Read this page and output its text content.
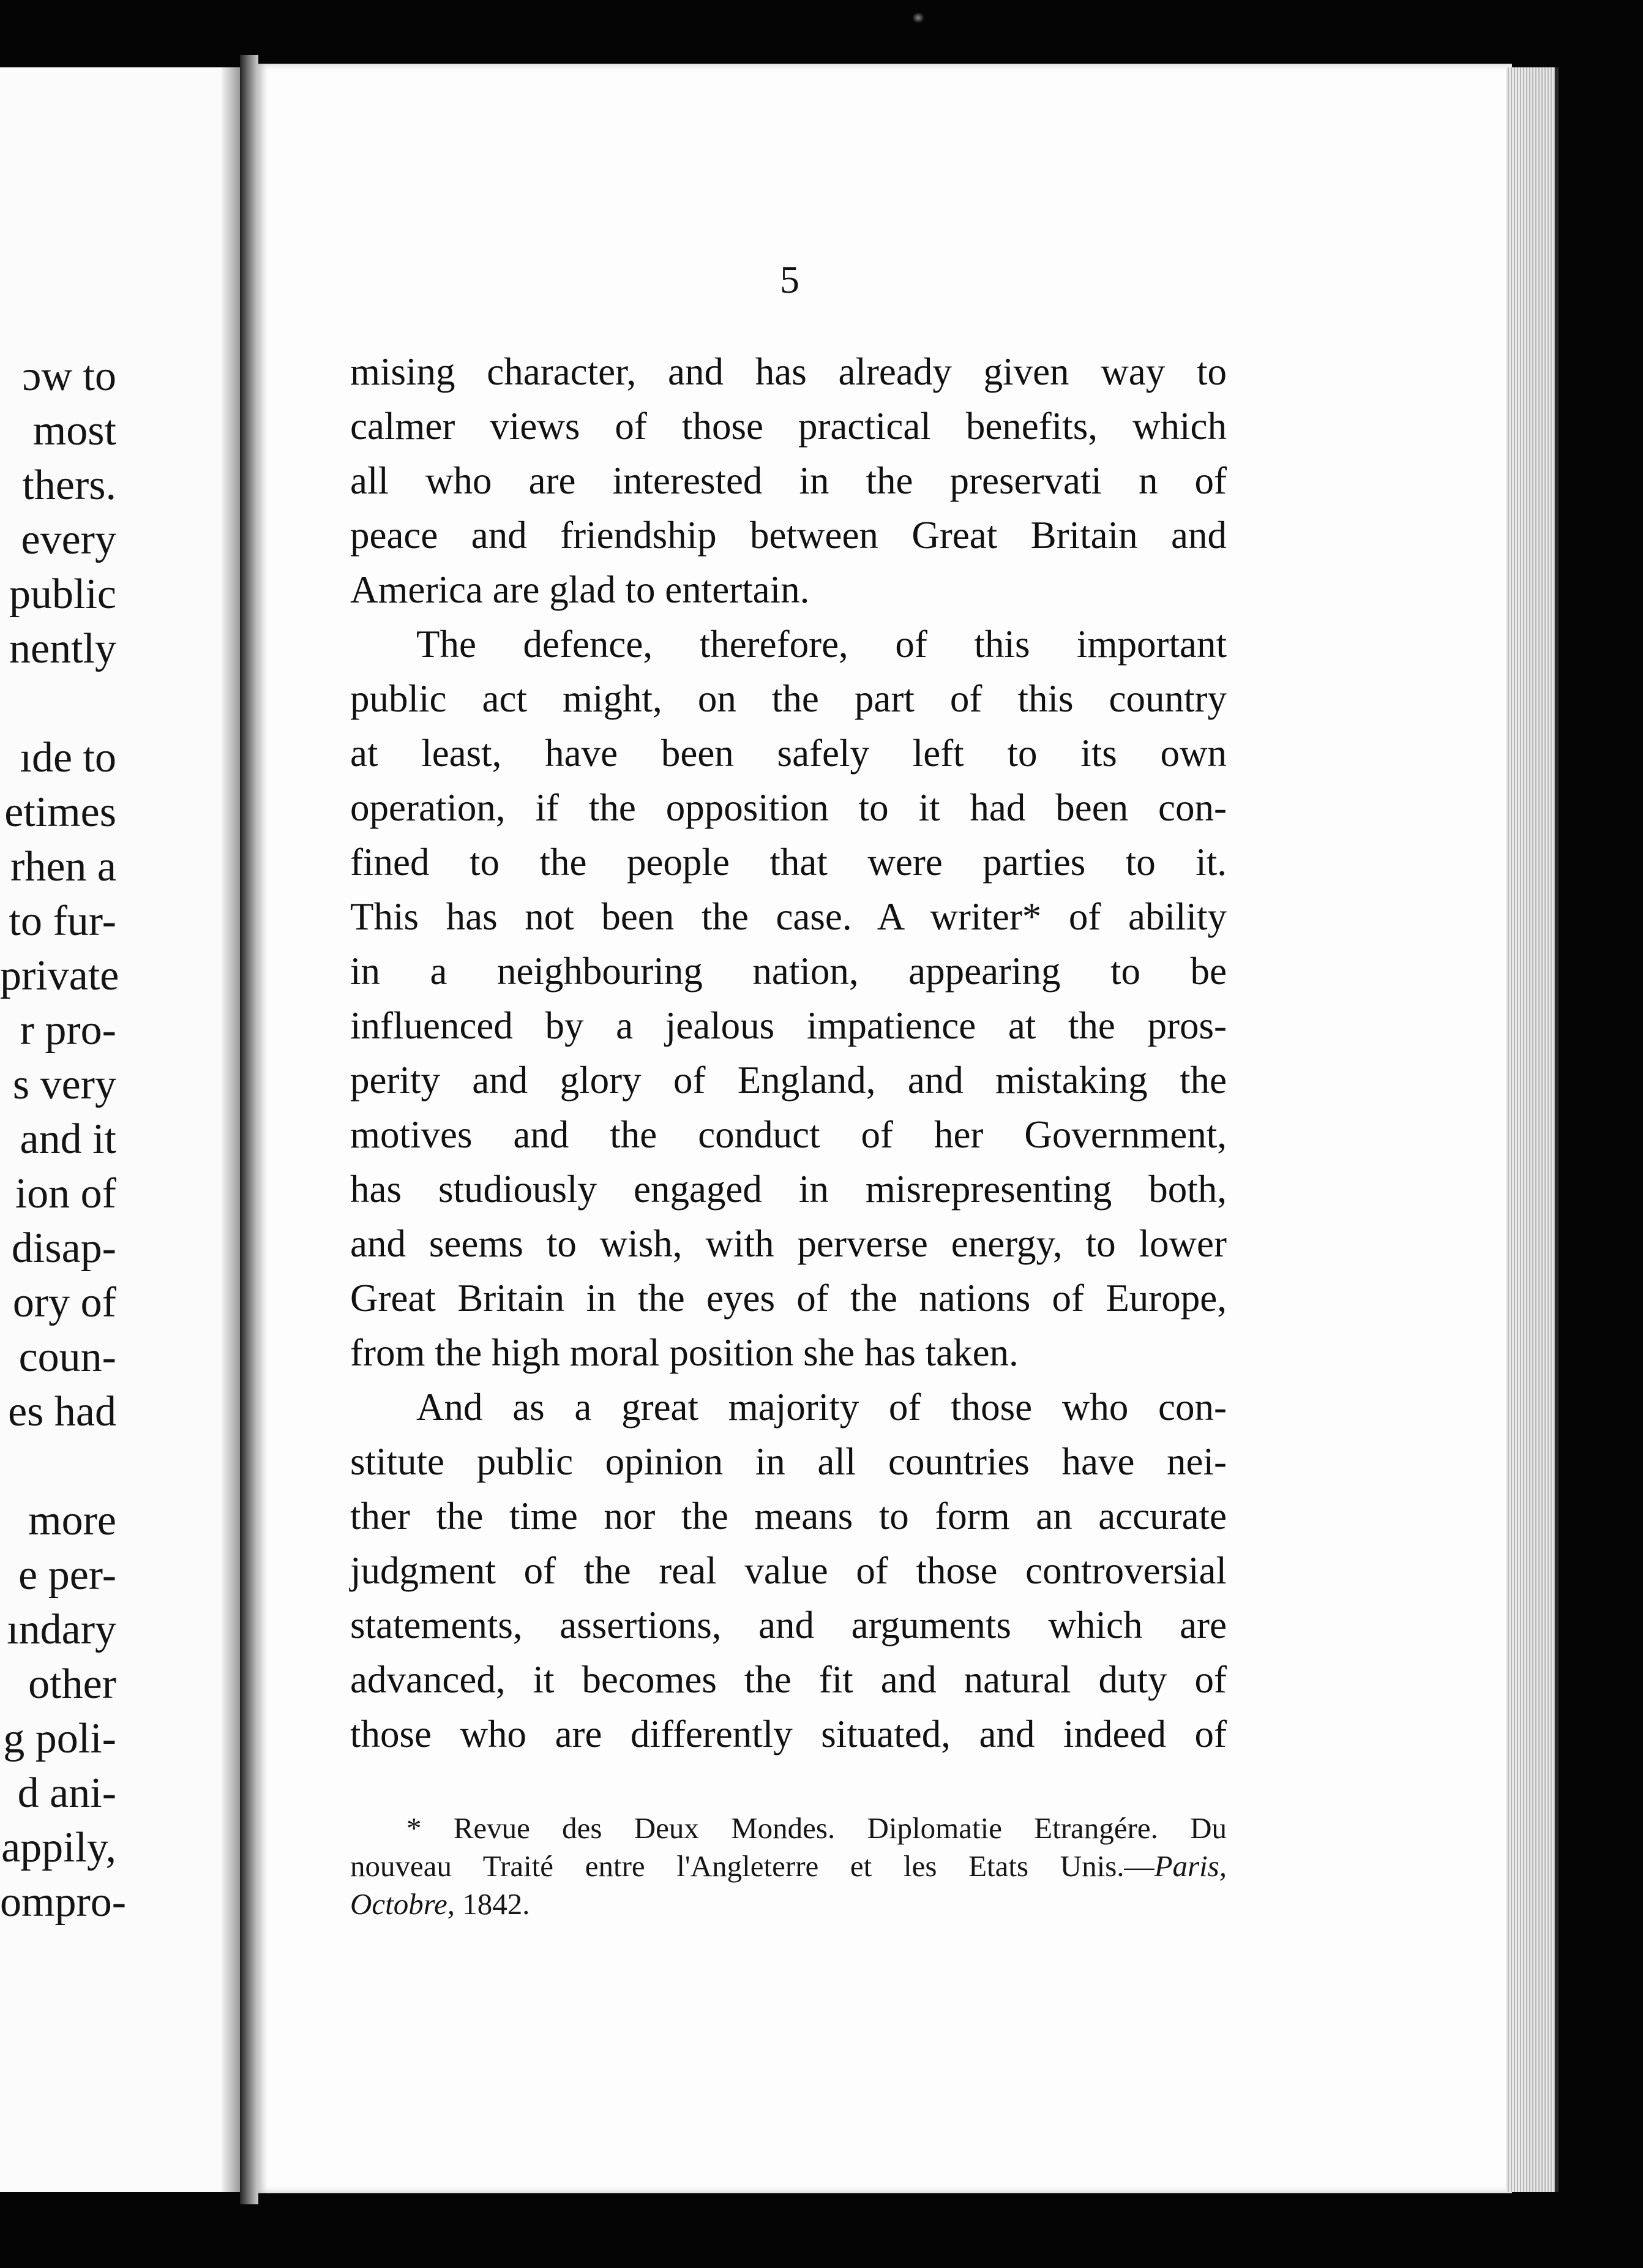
ɔw to
most
thers.
every
public
nently
ıde to
etimes
rhen a
to fur-
private
r pro-
s very
and it
ion of
disap-
ory of
coun-
es had
more
e per-
ındary
other
g poli-
d ani-
appily,
ompro-
5
mising character, and has already given way to
calmer views of those practical benefits, which
all who are interested in the preservati n of
peace and friendship between Great Britain and
America are glad to entertain.
The defence, therefore, of this important
public act might, on the part of this country
at least, have been safely left to its own
operation, if the opposition to it had been con-
fined to the people that were parties to it.
This has not been the case. A writer* of ability
in a neighbouring nation, appearing to be
influenced by a jealous impatience at the pros-
perity and glory of England, and mistaking the
motives and the conduct of her Government,
has studiously engaged in misrepresenting both,
and seems to wish, with perverse energy, to lower
Great Britain in the eyes of the nations of Europe,
from the high moral position she has taken.
And as a great majority of those who con-
stitute public opinion in all countries have nei-
ther the time nor the means to form an accurate
judgment of the real value of those controversial
statements, assertions, and arguments which are
advanced, it becomes the fit and natural duty of
those who are differently situated, and indeed of
* Revue des Deux Mondes. Diplomatie Etrangére. Du
nouveau Traité entre l'Angleterre et les Etats Unis.—Paris,
Octobre, 1842.
